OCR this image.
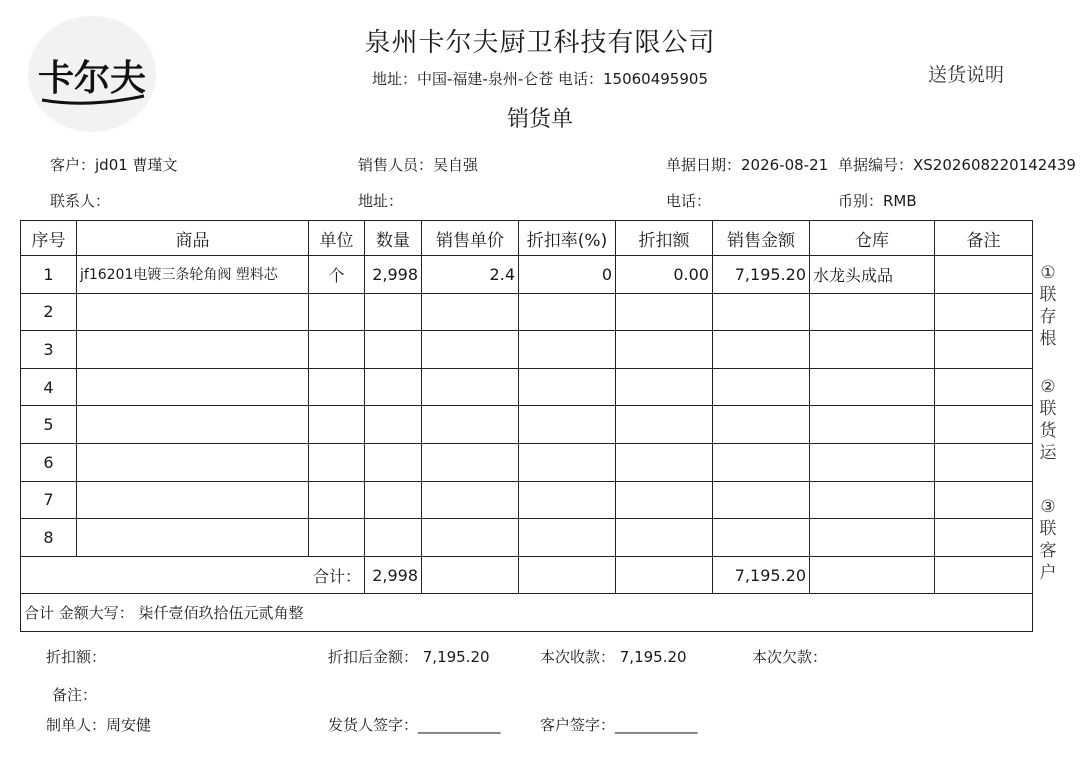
卡尔夫
泉州卡尔夫厨卫科技有限公司
地址：中国-福建-泉州-仑苍 电话：15060495905
销货单
送货说明
客户：jd01 曹瑾文	销售人员：吴自强	单据日期：2026-08-21 单据编号：XS202608220142439
联系人：	地址：	电话：	币别：RMB
序号	商品	单位	数量	销售单价	折扣率(%)	折扣额	销售金额	仓库	备注
1	jf16201电镀三条轮角阀 塑料芯	个	2,998	2.4	0	0.00	7,195.20	水龙头成品	
2									
3									
4									
5									
6									
7									
8									
合计：			2,998				7,195.20		
合计 金额大写： 柒仟壹佰玖拾伍元贰角整									
①
联存根
②
联货运
③
联客户
折扣额：	折扣后金额： 7,195.20	本次收款： 7,195.20	本次欠款：
备注：
制单人：周安健	发货人签字：___________	客户签字：___________
